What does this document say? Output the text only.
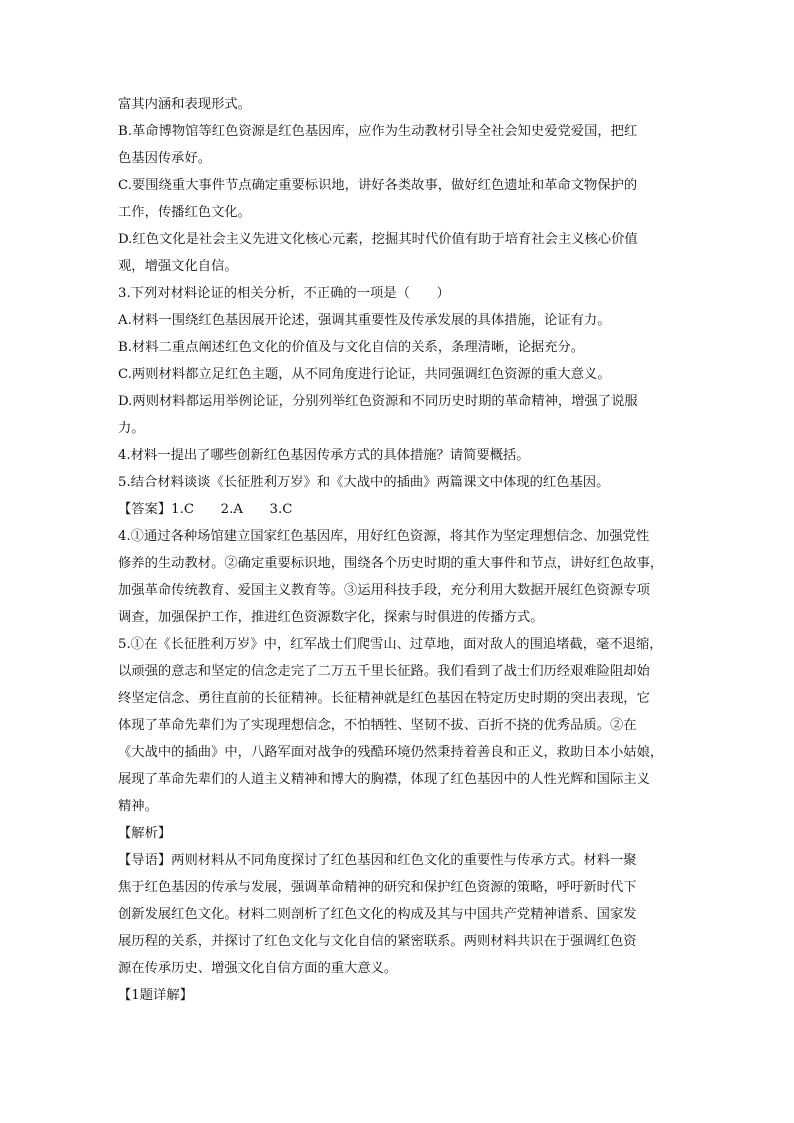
富其内涵和表现形式。
B.革命博物馆等红色资源是红色基因库，应作为生动教材引导全社会知史爱党爱国，把红
色基因传承好。
C.要围绕重大事件节点确定重要标识地，讲好各类故事，做好红色遗址和革命文物保护的
工作，传播红色文化。
D.红色文化是社会主义先进文化核心元素，挖掘其时代价值有助于培育社会主义核心价值
观，增强文化自信。
3.下列对材料论证的相关分析，不正确的一项是（　　）
A.材料一围绕红色基因展开论述，强调其重要性及传承发展的具体措施，论证有力。
B.材料二重点阐述红色文化的价值及与文化自信的关系，条理清晰，论据充分。
C.两则材料都立足红色主题，从不同角度进行论证，共同强调红色资源的重大意义。
D.两则材料都运用举例论证，分别列举红色资源和不同历史时期的革命精神，增强了说服
力。
4.材料一提出了哪些创新红色基因传承方式的具体措施？请简要概括。
5.结合材料谈谈《长征胜利万岁》和《大战中的插曲》两篇课文中体现的红色基因。
【答案】1.C　　2.A　　3.C
4.①通过各种场馆建立国家红色基因库，用好红色资源，将其作为坚定理想信念、加强党性
修养的生动教材。②确定重要标识地，围绕各个历史时期的重大事件和节点，讲好红色故事，
加强革命传统教育、爱国主义教育等。③运用科技手段，充分利用大数据开展红色资源专项
调查，加强保护工作，推进红色资源数字化，探索与时俱进的传播方式。
5.①在《长征胜利万岁》中，红军战士们爬雪山、过草地，面对敌人的围追堵截，毫不退缩，
以顽强的意志和坚定的信念走完了二万五千里长征路。我们看到了战士们历经艰难险阻却始
终坚定信念、勇往直前的长征精神。长征精神就是红色基因在特定历史时期的突出表现，它
体现了革命先辈们为了实现理想信念，不怕牺牲、坚韧不拔、百折不挠的优秀品质。②在
《大战中的插曲》中，八路军面对战争的残酷环境仍然秉持着善良和正义，救助日本小姑娘，
展现了革命先辈们的人道主义精神和博大的胸襟，体现了红色基因中的人性光辉和国际主义
精神。
【解析】
【导语】两则材料从不同角度探讨了红色基因和红色文化的重要性与传承方式。材料一聚
焦于红色基因的传承与发展，强调革命精神的研究和保护红色资源的策略，呼吁新时代下
创新发展红色文化。材料二则剖析了红色文化的构成及其与中国共产党精神谱系、国家发
展历程的关系，并探讨了红色文化与文化自信的紧密联系。两则材料共识在于强调红色资
源在传承历史、增强文化自信方面的重大意义。
【1题详解】
